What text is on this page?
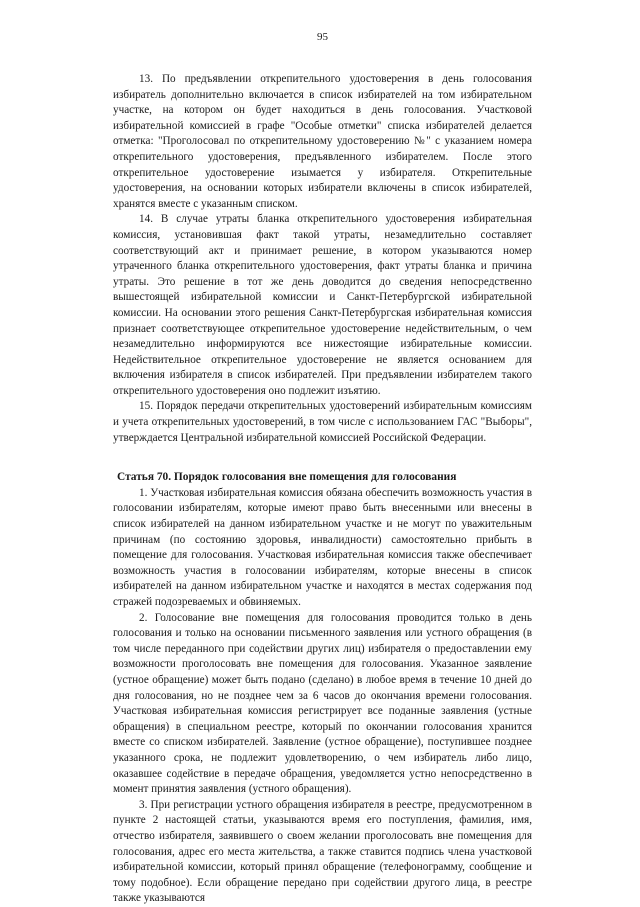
95

13. По предъявлении открепительного удостоверения в день голосования избиратель дополнительно включается в список избирателей на том избирательном участке, на котором он будет находиться в день голосования. Участковой избирательной комиссией в графе "Особые отметки" списка избирателей делается отметка: "Проголосовал по открепительному удостоверению №" с указанием номера открепительного удостоверения, предъявленного избирателем. После этого открепительное удостоверение изымается у избирателя. Открепительные удостоверения, на основании которых избиратели включены в список избирателей, хранятся вместе с указанным списком.

14. В случае утраты бланка открепительного удостоверения избирательная комиссия, установившая факт такой утраты, незамедлительно составляет соответствующий акт и принимает решение, в котором указываются номер утраченного бланка открепительного удостоверения, факт утраты бланка и причина утраты. Это решение в тот же день доводится до сведения непосредственно вышестоящей избирательной комиссии и Санкт-Петербургской избирательной комиссии. На основании этого решения Санкт-Петербургская избирательная комиссия признает соответствующее открепительное удостоверение недействительным, о чем незамедлительно информируются все нижестоящие избирательные комиссии. Недействительное открепительное удостоверение не является основанием для включения избирателя в список избирателей. При предъявлении избирателем такого открепительного удостоверения оно подлежит изъятию.

15. Порядок передачи открепительных удостоверений избирательным комиссиям и учета открепительных удостоверений, в том числе с использованием ГАС "Выборы", утверждается Центральной избирательной комиссией Российской Федерации.

Статья 70. Порядок голосования вне помещения для голосования

1. Участковая избирательная комиссия обязана обеспечить возможность участия в голосовании избирателям, которые имеют право быть внесенными или внесены в список избирателей на данном избирательном участке и не могут по уважительным причинам (по состоянию здоровья, инвалидности) самостоятельно прибыть в помещение для голосования. Участковая избирательная комиссия также обеспечивает возможность участия в голосовании избирателям, которые внесены в список избирателей на данном избирательном участке и находятся в местах содержания под стражей подозреваемых и обвиняемых.

2. Голосование вне помещения для голосования проводится только в день голосования и только на основании письменного заявления или устного обращения (в том числе переданного при содействии других лиц) избирателя о предоставлении ему возможности проголосовать вне помещения для голосования. Указанное заявление (устное обращение) может быть подано (сделано) в любое время в течение 10 дней до дня голосования, но не позднее чем за 6 часов до окончания времени голосования. Участковая избирательная комиссия регистрирует все поданные заявления (устные обращения) в специальном реестре, который по окончании голосования хранится вместе со списком избирателей. Заявление (устное обращение), поступившее позднее указанного срока, не подлежит удовлетворению, о чем избиратель либо лицо, оказавшее содействие в передаче обращения, уведомляется устно непосредственно в момент принятия заявления (устного обращения).

3. При регистрации устного обращения избирателя в реестре, предусмотренном в пункте 2 настоящей статьи, указываются время его поступления, фамилия, имя, отчество избирателя, заявившего о своем желании проголосовать вне помещения для голосования, адрес его места жительства, а также ставится подпись члена участковой избирательной комиссии, который принял обращение (телефонограмму, сообщение и тому подобное). Если обращение передано при содействии другого лица, в реестре также указываются
